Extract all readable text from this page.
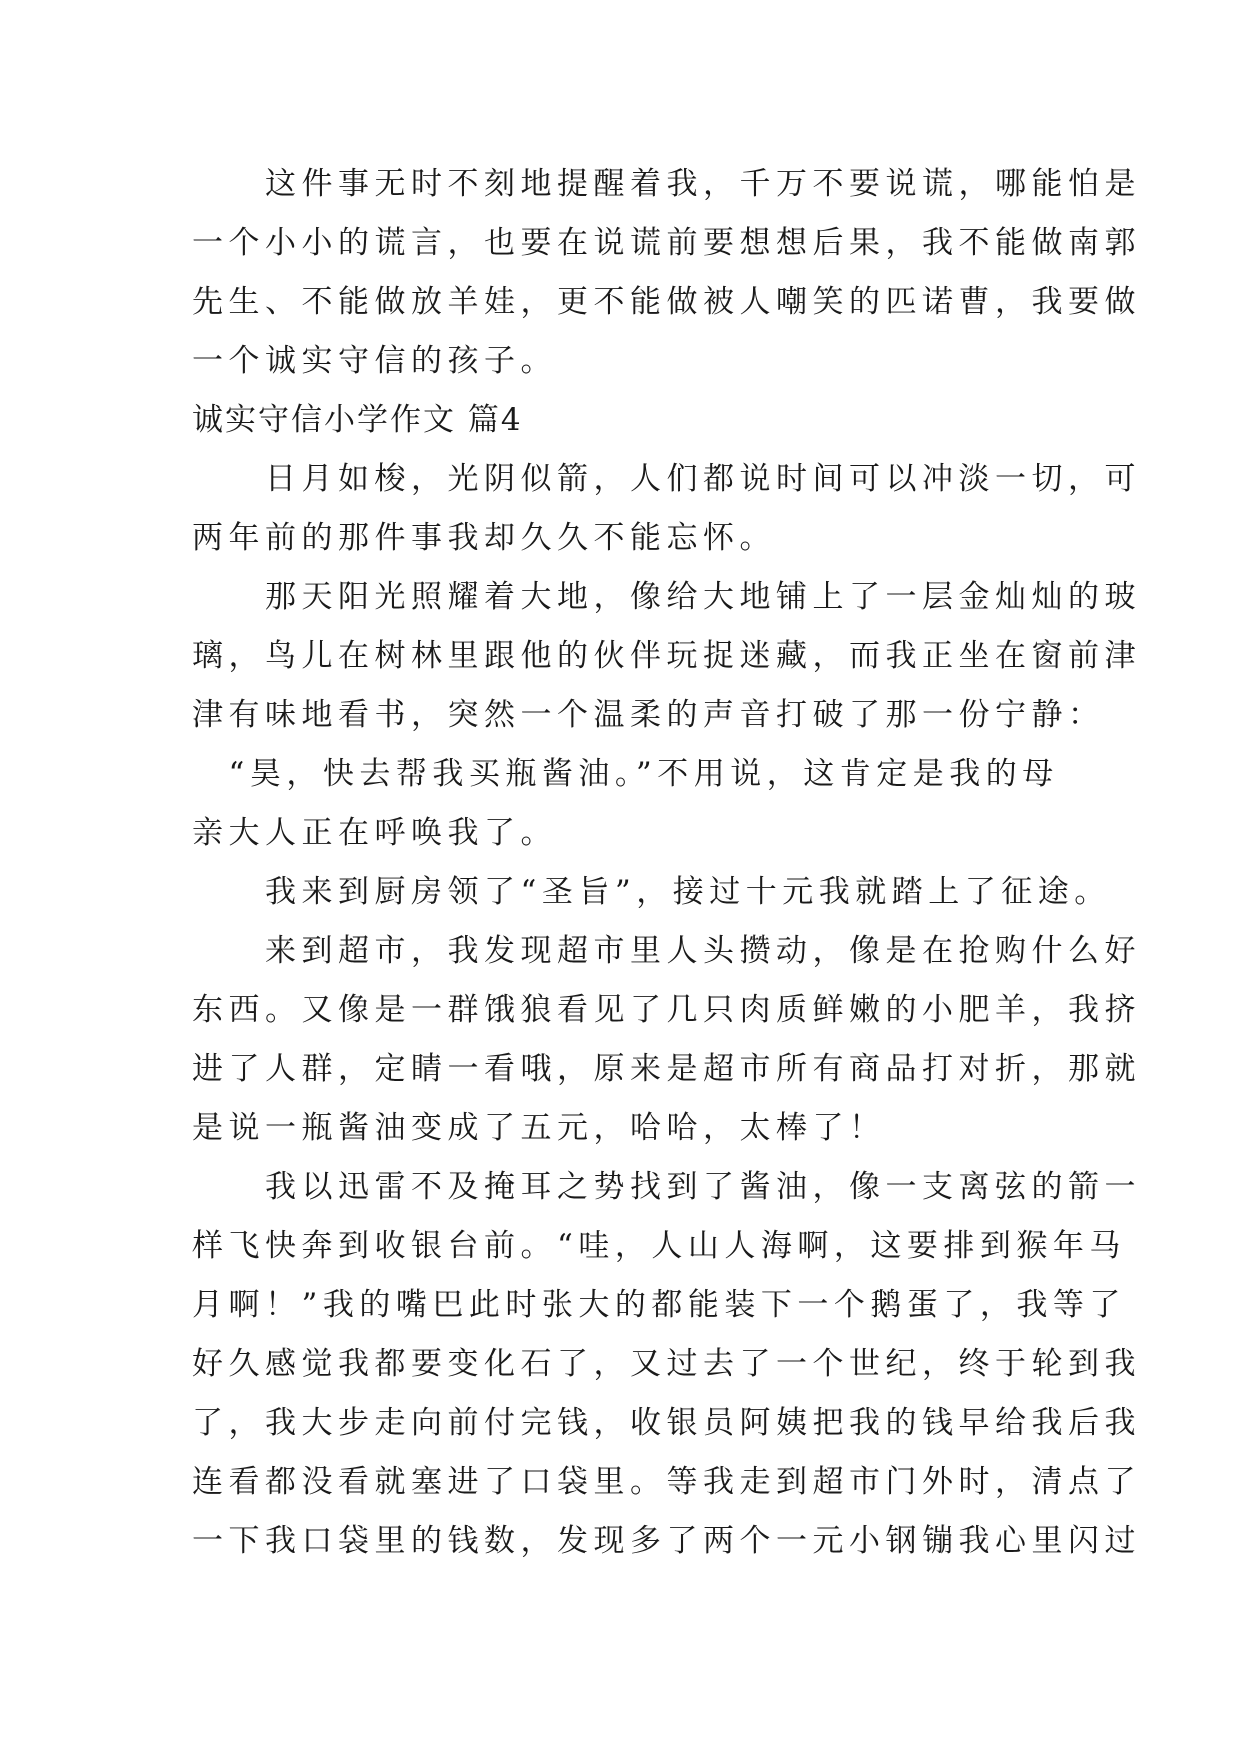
　　这件事无时不刻地提醒着我，千万不要说谎，哪能怕是
一个小小的谎言，也要在说谎前要想想后果，我不能做南郭
先生、不能做放羊娃，更不能做被人嘲笑的匹诺曹，我要做
一个诚实守信的孩子。
诚实守信小学作文 篇4
　　日月如梭，光阴似箭，人们都说时间可以冲淡一切，可
两年前的那件事我却久久不能忘怀。
　　那天阳光照耀着大地，像给大地铺上了一层金灿灿的玻
璃，鸟儿在树林里跟他的伙伴玩捉迷藏，而我正坐在窗前津
津有味地看书，突然一个温柔的声音打破了那一份宁静：
　“昊，快去帮我买瓶酱油。”不用说，这肯定是我的母
亲大人正在呼唤我了。
　　我来到厨房领了“圣旨”，接过十元我就踏上了征途。
　　来到超市，我发现超市里人头攒动，像是在抢购什么好
东西。又像是一群饿狼看见了几只肉质鲜嫩的小肥羊，我挤
进了人群，定睛一看哦，原来是超市所有商品打对折，那就
是说一瓶酱油变成了五元，哈哈，太棒了！
　　我以迅雷不及掩耳之势找到了酱油，像一支离弦的箭一
样飞快奔到收银台前。“哇，人山人海啊，这要排到猴年马
月啊！”我的嘴巴此时张大的都能装下一个鹅蛋了，我等了
好久感觉我都要变化石了，又过去了一个世纪，终于轮到我
了，我大步走向前付完钱，收银员阿姨把我的钱早给我后我
连看都没看就塞进了口袋里。等我走到超市门外时，清点了
一下我口袋里的钱数，发现多了两个一元小钢镚我心里闪过
